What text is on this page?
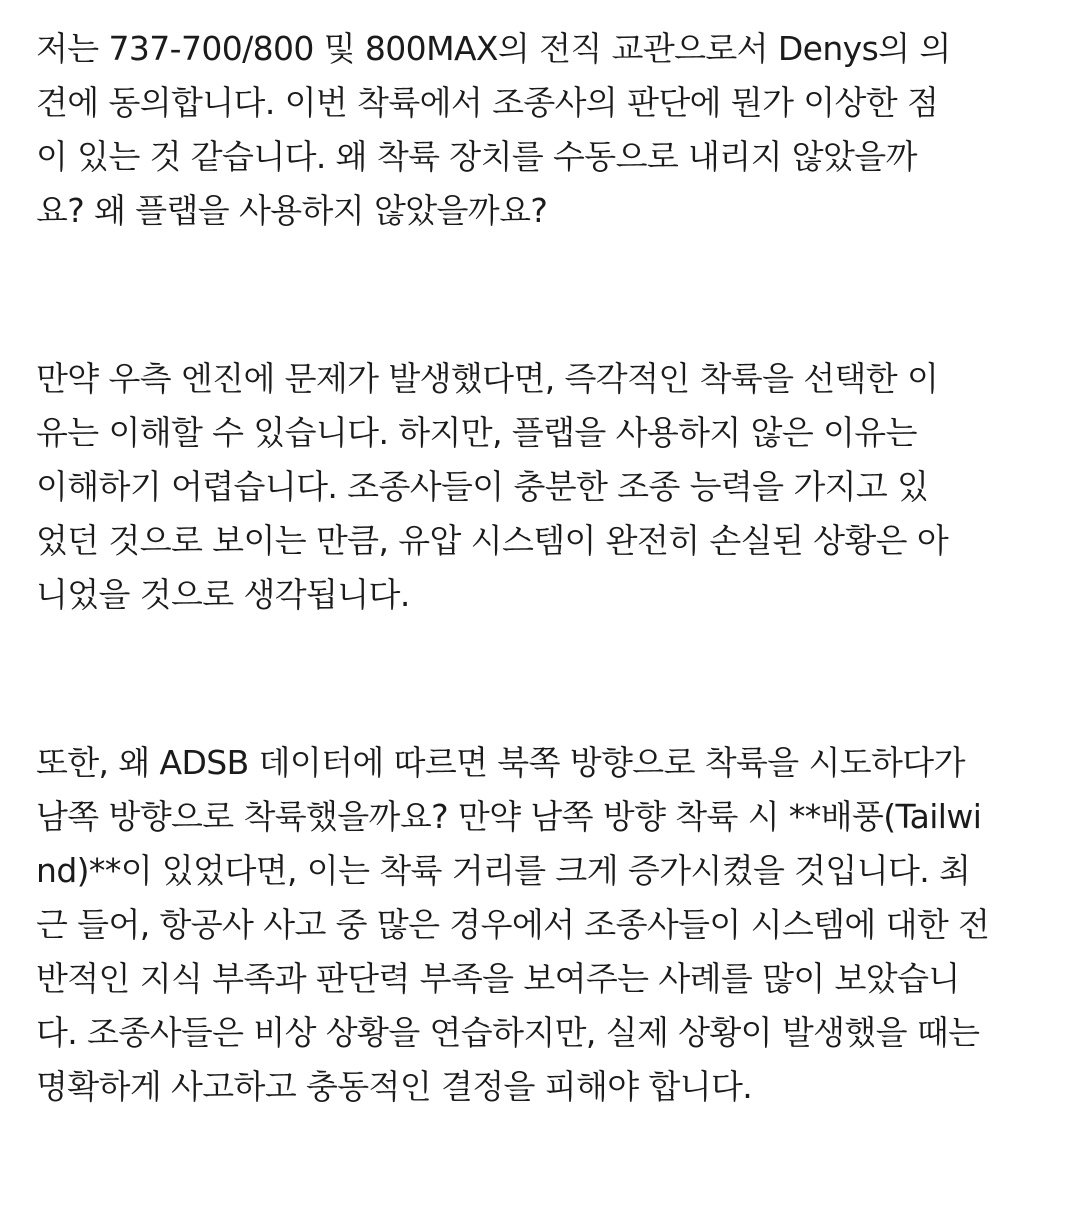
저는 737-700/800 및 800MAX의 전직 교관으로서 Denys의 의
견에 동의합니다. 이번 착륙에서 조종사의 판단에 뭔가 이상한 점
이 있는 것 같습니다. 왜 착륙 장치를 수동으로 내리지 않았을까
요? 왜 플랩을 사용하지 않았을까요?

만약 우측 엔진에 문제가 발생했다면, 즉각적인 착륙을 선택한 이
유는 이해할 수 있습니다. 하지만, 플랩을 사용하지 않은 이유는
이해하기 어렵습니다. 조종사들이 충분한 조종 능력을 가지고 있
었던 것으로 보이는 만큼, 유압 시스템이 완전히 손실된 상황은 아
니었을 것으로 생각됩니다.

또한, 왜 ADSB 데이터에 따르면 북쪽 방향으로 착륙을 시도하다가
남쪽 방향으로 착륙했을까요? 만약 남쪽 방향 착륙 시 **배풍(Tailwi
nd)**이 있었다면, 이는 착륙 거리를 크게 증가시켰을 것입니다. 최
근 들어, 항공사 사고 중 많은 경우에서 조종사들이 시스템에 대한 전
반적인 지식 부족과 판단력 부족을 보여주는 사례를 많이 보았습니
다. 조종사들은 비상 상황을 연습하지만, 실제 상황이 발생했을 때는
명확하게 사고하고 충동적인 결정을 피해야 합니다.
